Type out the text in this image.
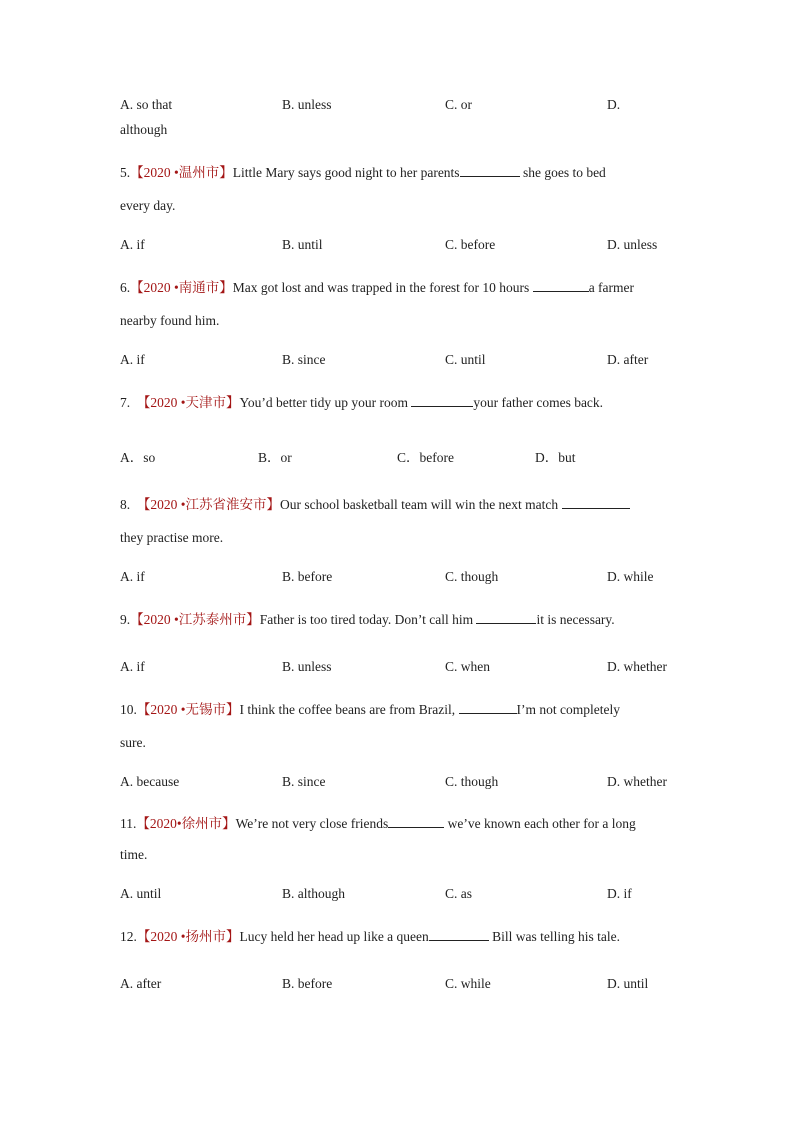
A. so that	B. unless	C. or	D.
although
5.【2020 •温州市】Little Mary says good night to her parents	she goes to bed
every day.
A. if	B. until	C. before	D. unless
6.【2020 •南通市】Max got lost and was trapped in the forest for 10 hours	a farmer
nearby found him.
A. if	B. since	C. until	D. after
7. 【2020 •天津市】You’d better tidy up your room	your father comes back.
A．so	B．or	C．before	D．but
8. 【2020 •江苏省淮安市】Our school basketball team will win the next match
they practise more.
A. if	B. before	C. though	D. while
9.【2020 •江苏泰州市】Father is too tired today. Don’t call him	it is necessary.
A. if	B. unless	C. when	D. whether
10.【2020 •无锡市】I think the coffee beans are from Brazil,	I’m not completely
sure.
A. because	B. since	C. though	D. whether
11.【2020•徐州市】We’re not very close friends	we’ve known each other for a long
time.
A. until	B. although	C. as	D. if
12.【2020 •扬州市】Lucy held her head up like a queen	Bill was telling his tale.
A. after	B. before	C. while	D. until
